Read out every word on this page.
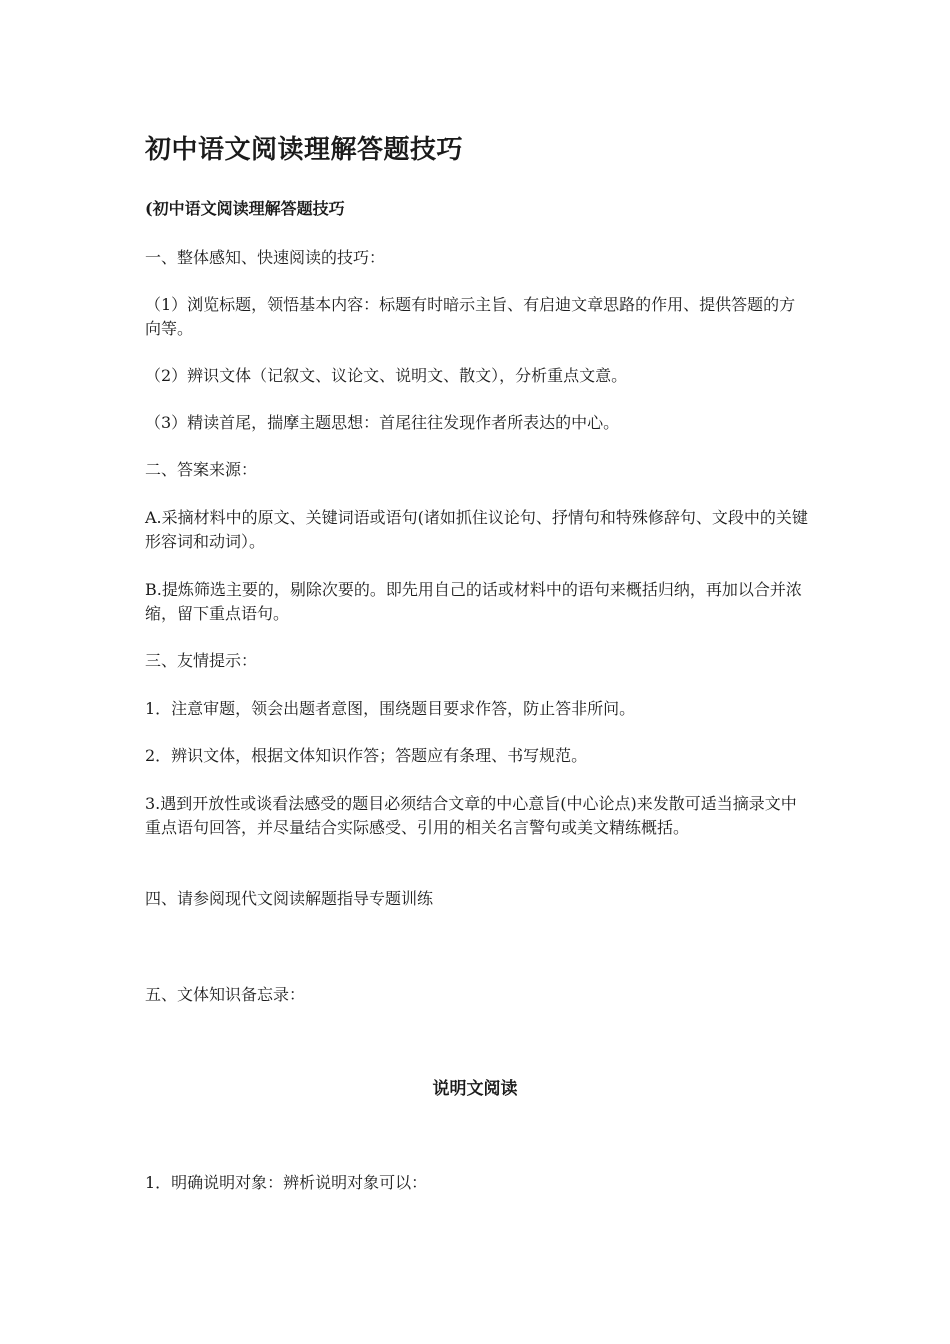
初中语文阅读理解答题技巧
(初中语文阅读理解答题技巧
一、整体感知、快速阅读的技巧：
（1）浏览标题，领悟基本内容：标题有时暗示主旨、有启迪文章思路的作用、提供答题的方向等。
（2）辨识文体（记叙文、议论文、说明文、散文），分析重点文意。
（3）精读首尾，揣摩主题思想：首尾往往发现作者所表达的中心。
二、答案来源：
A.采摘材料中的原文、关键词语或语句(诸如抓住议论句、抒情句和特殊修辞句、文段中的关键形容词和动词）。
B.提炼筛选主要的，剔除次要的。即先用自己的话或材料中的语句来概括归纳，再加以合并浓缩，留下重点语句。
三、友情提示：
1．注意审题，领会出题者意图，围绕题目要求作答，防止答非所问。
2．辨识文体，根据文体知识作答；答题应有条理、书写规范。
3.遇到开放性或谈看法感受的题目必须结合文章的中心意旨(中心论点)来发散可适当摘录文中重点语句回答，并尽量结合实际感受、引用的相关名言警句或美文精练概括。
四、请参阅现代文阅读解题指导专题训练
五、文体知识备忘录：
说明文阅读
1．明确说明对象：辨析说明对象可以：
